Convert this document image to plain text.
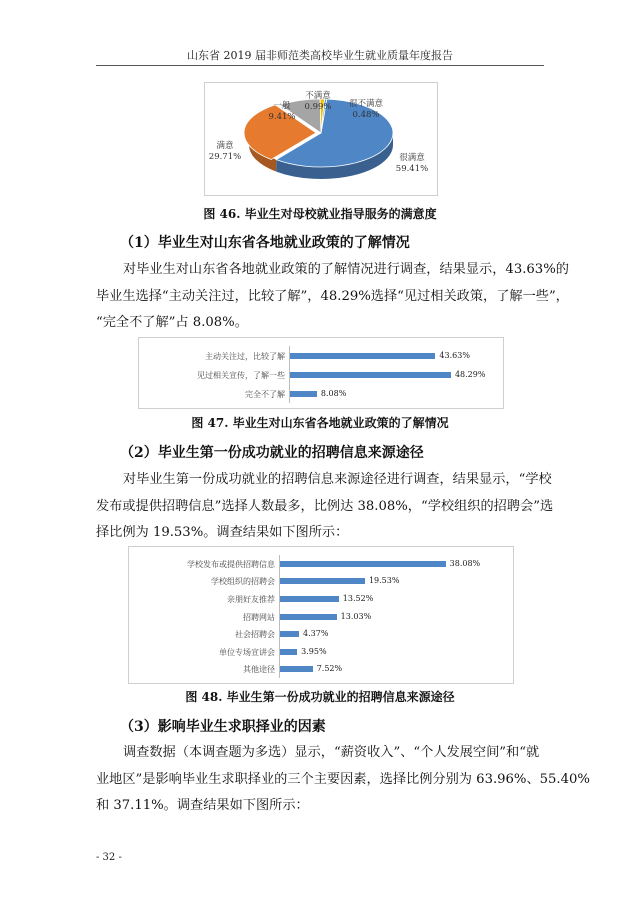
山东省 2019 届非师范类高校毕业生就业质量年度报告
很满意
59.41%
满意
29.71%
一般
9.41%
不满意
0.99%	很不满意
0.48%
图 46. 毕业生对母校就业指导服务的满意度
（1）毕业生对山东省各地就业政策的了解情况

对毕业生对山东省各地就业政策的了解情况进行调查，结果显示，43.63%的
毕业生选择“主动关注过，比较了解”，48.29%选择“见过相关政策，了解一些”，
“完全不了解”占 8.08%。

主动关注过，比较了解	43.63%
见过相关宣传，了解一些	48.29%
完全不了解	8.08%
图 47. 毕业生对山东省各地就业政策的了解情况
（2）毕业生第一份成功就业的招聘信息来源途径

对毕业生第一份成功就业的招聘信息来源途径进行调查，结果显示，“学校
发布或提供招聘信息”选择人数最多，比例达 38.08%，“学校组织的招聘会”选
择比例为 19.53%。调查结果如下图所示：

学校发布或提供招聘信息	38.08%
学校组织的招聘会	19.53%
亲朋好友推荐	13.52%
招聘网站	13.03%
社会招聘会	4.37%
单位专场宣讲会	3.95%
其他途径	7.52%
图 48. 毕业生第一份成功就业的招聘信息来源途径
（3）影响毕业生求职择业的因素

调查数据（本调查题为多选）显示，“薪资收入”、“个人发展空间”和“就
业地区”是影响毕业生求职择业的三个主要因素，选择比例分别为 63.96%、55.40%
和 37.11%。调查结果如下图所示：

- 32 -
